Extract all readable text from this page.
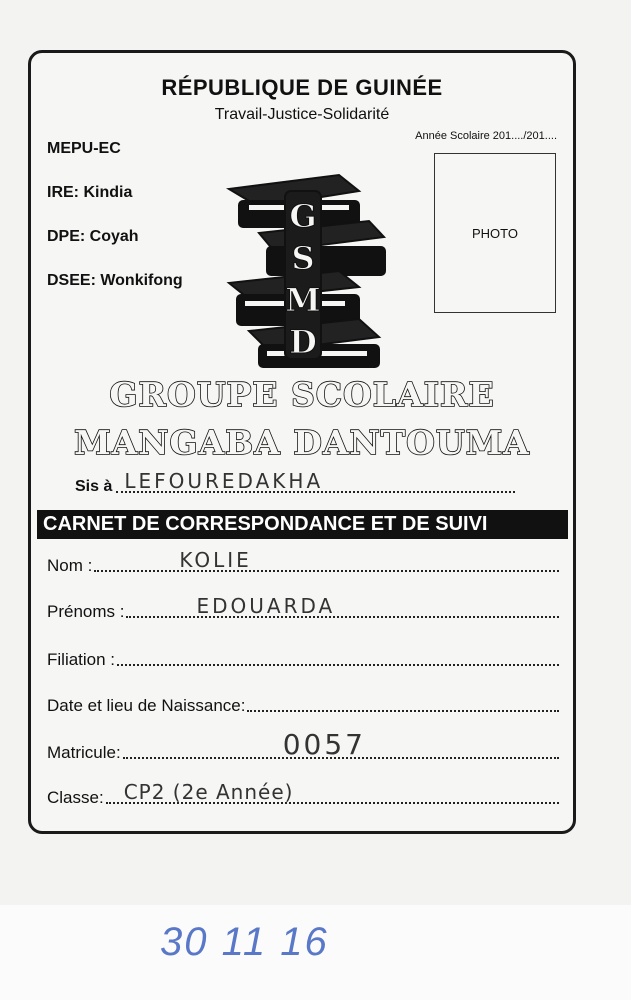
RÉPUBLIQUE DE GUINÉE
Travail-Justice-Solidarité
Année Scolaire 201..../201....
MEPU-EC
IRE: Kindia
DPE: Coyah
DSEE: Wonkifong
PHOTO
G
S
M
D
GROUPE SCOLAIRE
MANGABA DANTOUMA
Sis à LEFOUREDAKHA
CARNET DE CORRESPONDANCE ET DE SUIVI
Nom :	KOLIE
Prénoms :	EDOUARDA
Filiation :
Date et lieu de Naissance:
Matricule:	0057
Classe: CP2 (2e Année)
30 11 16
